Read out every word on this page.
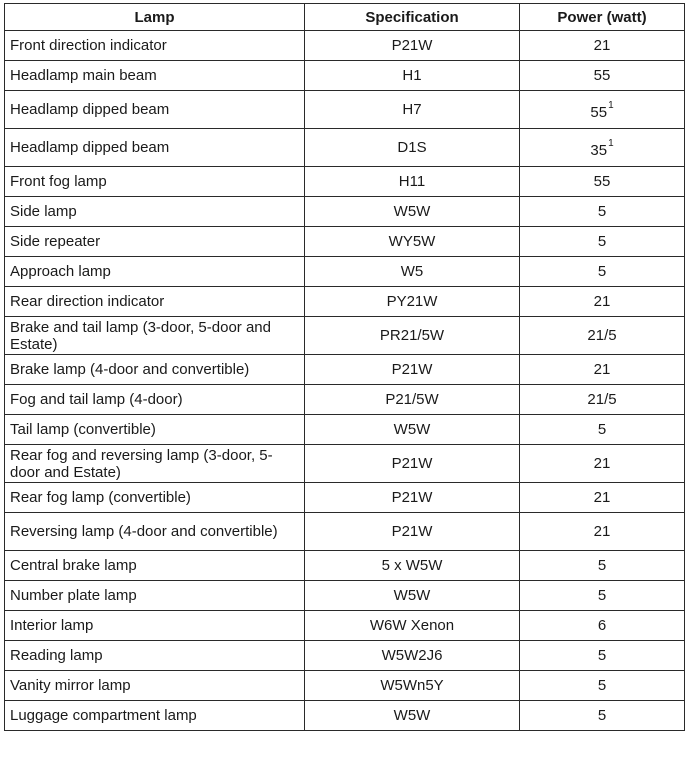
Lamp	Specification	Power (watt)
Front direction indicator	P21W	21
Headlamp main beam	H1	55
Headlamp dipped beam	H7	55$^1$
Headlamp dipped beam	D1S	35$^1$
Front fog lamp	H11	55
Side lamp	W5W	5
Side repeater	WY5W	5
Approach lamp	W5	5
Rear direction indicator	PY21W	21
Brake and tail lamp (3-door, 5-door and Estate)	PR21/5W	21/5
Brake lamp (4-door and convertible)	P21W	21
Fog and tail lamp (4-door)	P21/5W	21/5
Tail lamp (convertible)	W5W	5
Rear fog and reversing lamp (3-door, 5-door and Estate)	P21W	21
Rear fog lamp (convertible)	P21W	21
Reversing lamp (4-door and convertible)	P21W	21
Central brake lamp	5 x W5W	5
Number plate lamp	W5W	5
Interior lamp	W6W Xenon	6
Reading lamp	W5W2J6	5
Vanity mirror lamp	W5Wn5Y	5
Luggage compartment lamp	W5W	5
